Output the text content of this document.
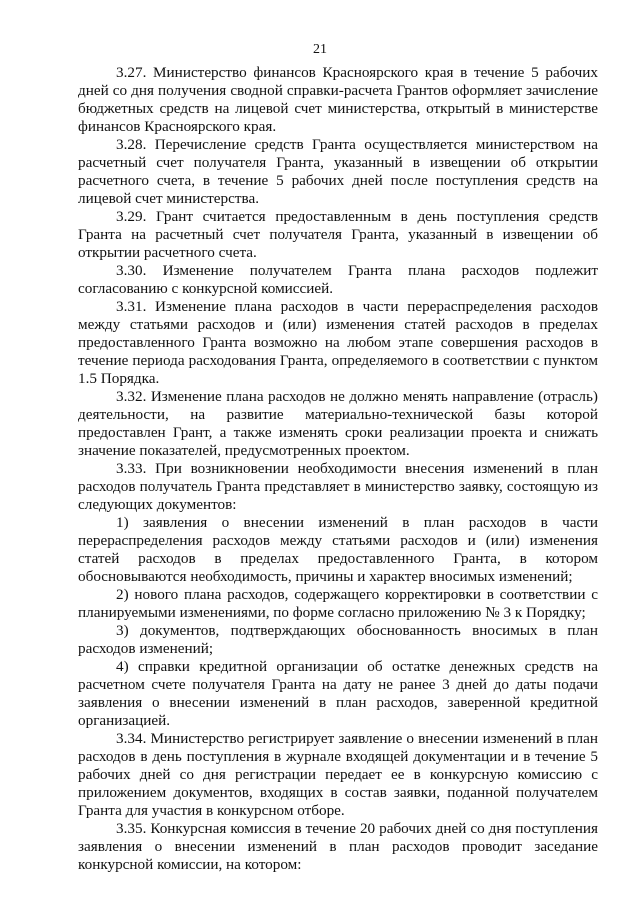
21

3.27. Министерство финансов Красноярского края в течение 5 рабочих дней со дня получения сводной справки-расчета Грантов оформляет зачисление бюджетных средств на лицевой счет министерства, открытый в министерстве финансов Красноярского края.

3.28. Перечисление средств Гранта осуществляется министерством на расчетный счет получателя Гранта, указанный в извещении об открытии расчетного счета, в течение 5 рабочих дней после поступления средств на лицевой счет министерства.

3.29. Грант считается предоставленным в день поступления средств Гранта на расчетный счет получателя Гранта, указанный в извещении об открытии расчетного счета.

3.30. Изменение получателем Гранта плана расходов подлежит согласованию с конкурсной комиссией.

3.31. Изменение плана расходов в части перераспределения расходов между статьями расходов и (или) изменения статей расходов в пределах предоставленного Гранта возможно на любом этапе совершения расходов в течение периода расходования Гранта, определяемого в соответствии с пунктом 1.5 Порядка.

3.32. Изменение плана расходов не должно менять направление (отрасль) деятельности, на развитие материально-технической базы которой предоставлен Грант, а также изменять сроки реализации проекта и снижать значение показателей, предусмотренных проектом.

3.33. При возникновении необходимости внесения изменений в план расходов получатель Гранта представляет в министерство заявку, состоящую из следующих документов:

1) заявления о внесении изменений в план расходов в части перераспределения расходов между статьями расходов и (или) изменения статей расходов в пределах предоставленного Гранта, в котором обосновываются необходимость, причины и характер вносимых изменений;

2) нового плана расходов, содержащего корректировки в соответствии с планируемыми изменениями, по форме согласно приложению № 3 к Порядку;

3) документов, подтверждающих обоснованность вносимых в план расходов изменений;

4) справки кредитной организации об остатке денежных средств на расчетном счете получателя Гранта на дату не ранее 3 дней до даты подачи заявления о внесении изменений в план расходов, заверенной кредитной организацией.

3.34. Министерство регистрирует заявление о внесении изменений в план расходов в день поступления в журнале входящей документации и в течение 5 рабочих дней со дня регистрации передает ее в конкурсную комиссию с приложением документов, входящих в состав заявки, поданной получателем Гранта для участия в конкурсном отборе.

3.35. Конкурсная комиссия в течение 20 рабочих дней со дня поступления заявления о внесении изменений в план расходов проводит заседание конкурсной комиссии, на котором:
